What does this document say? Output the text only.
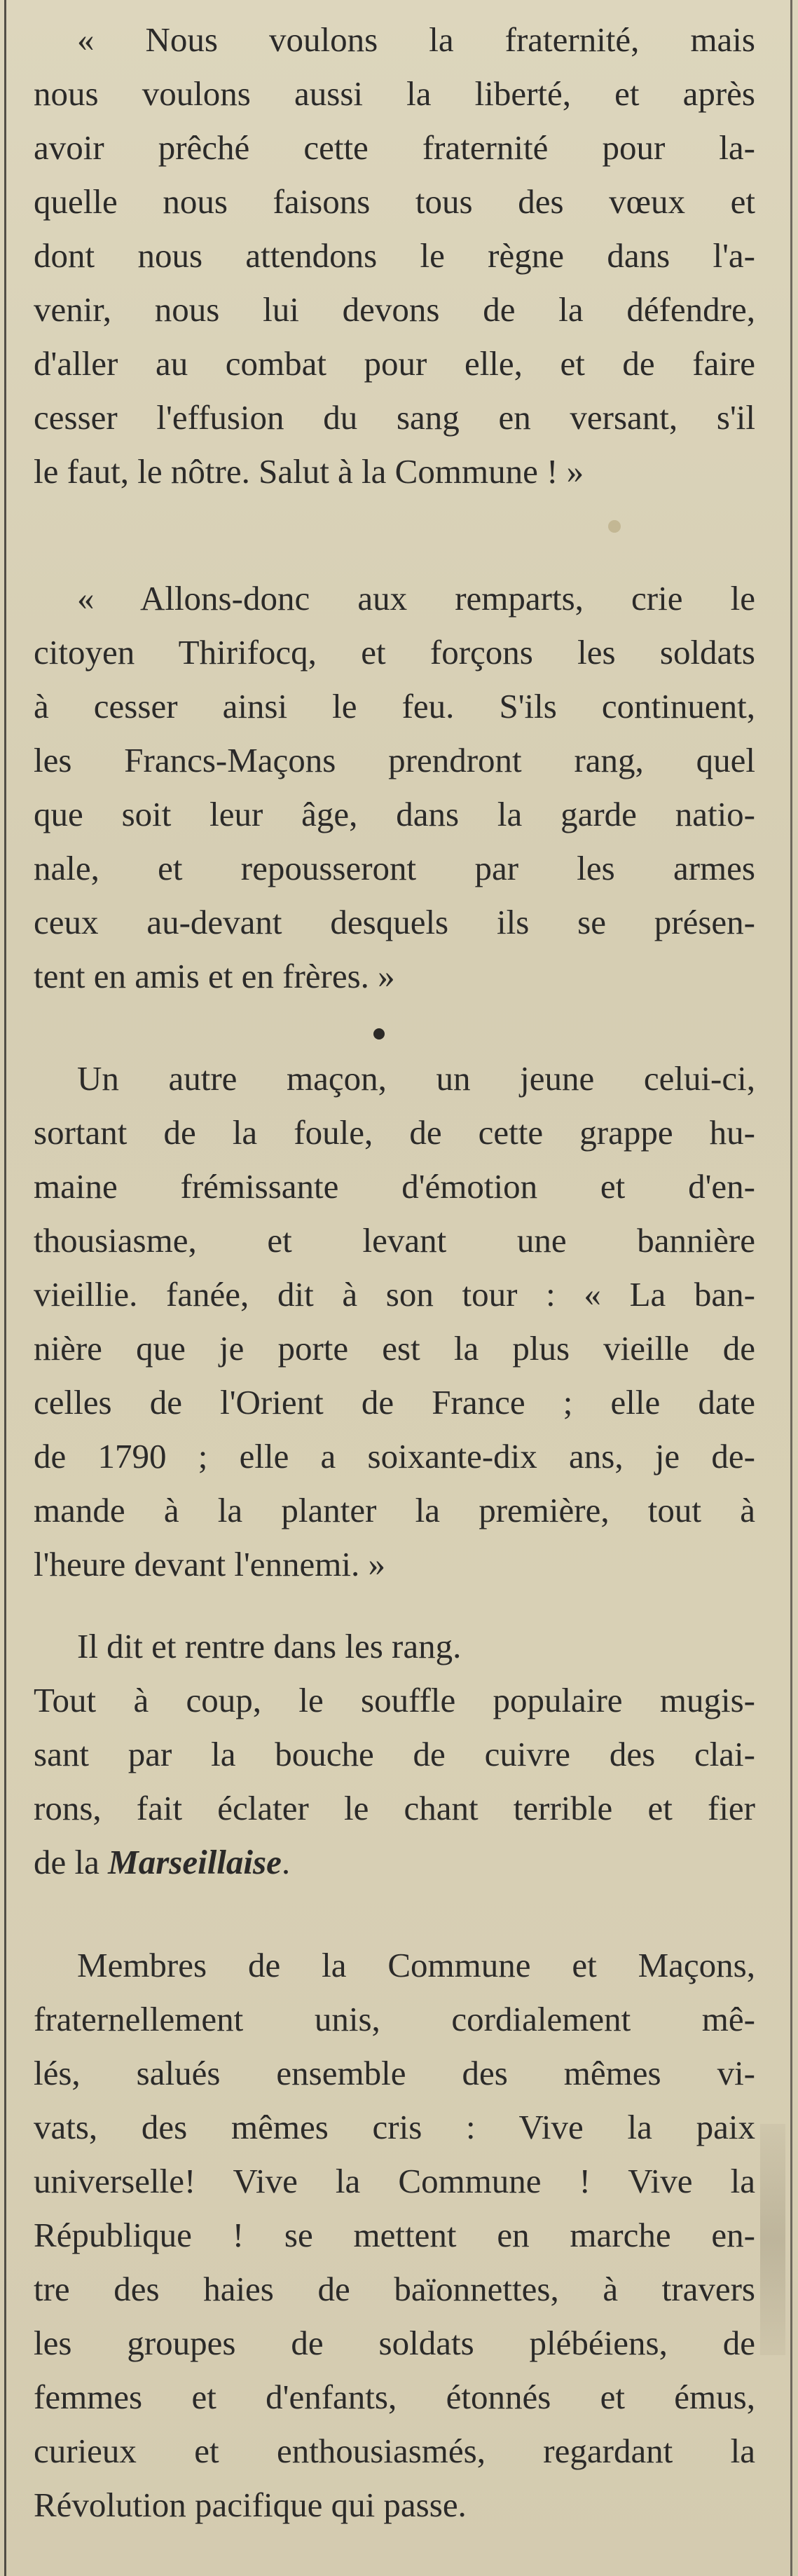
« Nous voulons la fraternité, mais
nous voulons aussi la liberté, et après
avoir prêché cette fraternité pour la-
quelle nous faisons tous des vœux et
dont nous attendons le règne dans l'a-
venir, nous lui devons de la défendre,
d'aller au combat pour elle, et de faire
cesser l'effusion du sang en versant, s'il
le faut, le nôtre. Salut à la Commune ! »

« Allons-donc aux remparts, crie le
citoyen Thirifocq, et forçons les soldats
à cesser ainsi le feu. S'ils continuent,
les Francs-Maçons prendront rang, quel
que soit leur âge, dans la garde natio-
nale, et repousseront par les armes
ceux au-devant desquels ils se présen-
tent en amis et en frères. »

Un autre maçon, un jeune celui-ci,
sortant de la foule, de cette grappe hu-
maine frémissante d'émotion et d'en-
thousiasme, et levant une bannière
vieillie. fanée, dit à son tour : « La ban-
nière que je porte est la plus vieille de
celles de l'Orient de France ; elle date
de 1790 ; elle a soixante-dix ans, je de-
mande à la planter la première, tout à
l'heure devant l'ennemi. »

Il dit et rentre dans les rang.
Tout à coup, le souffle populaire mugis-
sant par la bouche de cuivre des clai-
rons, fait éclater le chant terrible et fier
de la Marseillaise.

Membres de la Commune et Maçons,
fraternellement unis, cordialement mê-
lés, salués ensemble des mêmes vi-
vats, des mêmes cris : Vive la paix
universelle! Vive la Commune ! Vive la
République ! se mettent en marche en-
tre des haies de baïonnettes, à travers
les groupes de soldats plébéiens, de
femmes et d'enfants, étonnés et émus,
curieux et enthousiasmés, regardant la
Révolution pacifique qui passe.
